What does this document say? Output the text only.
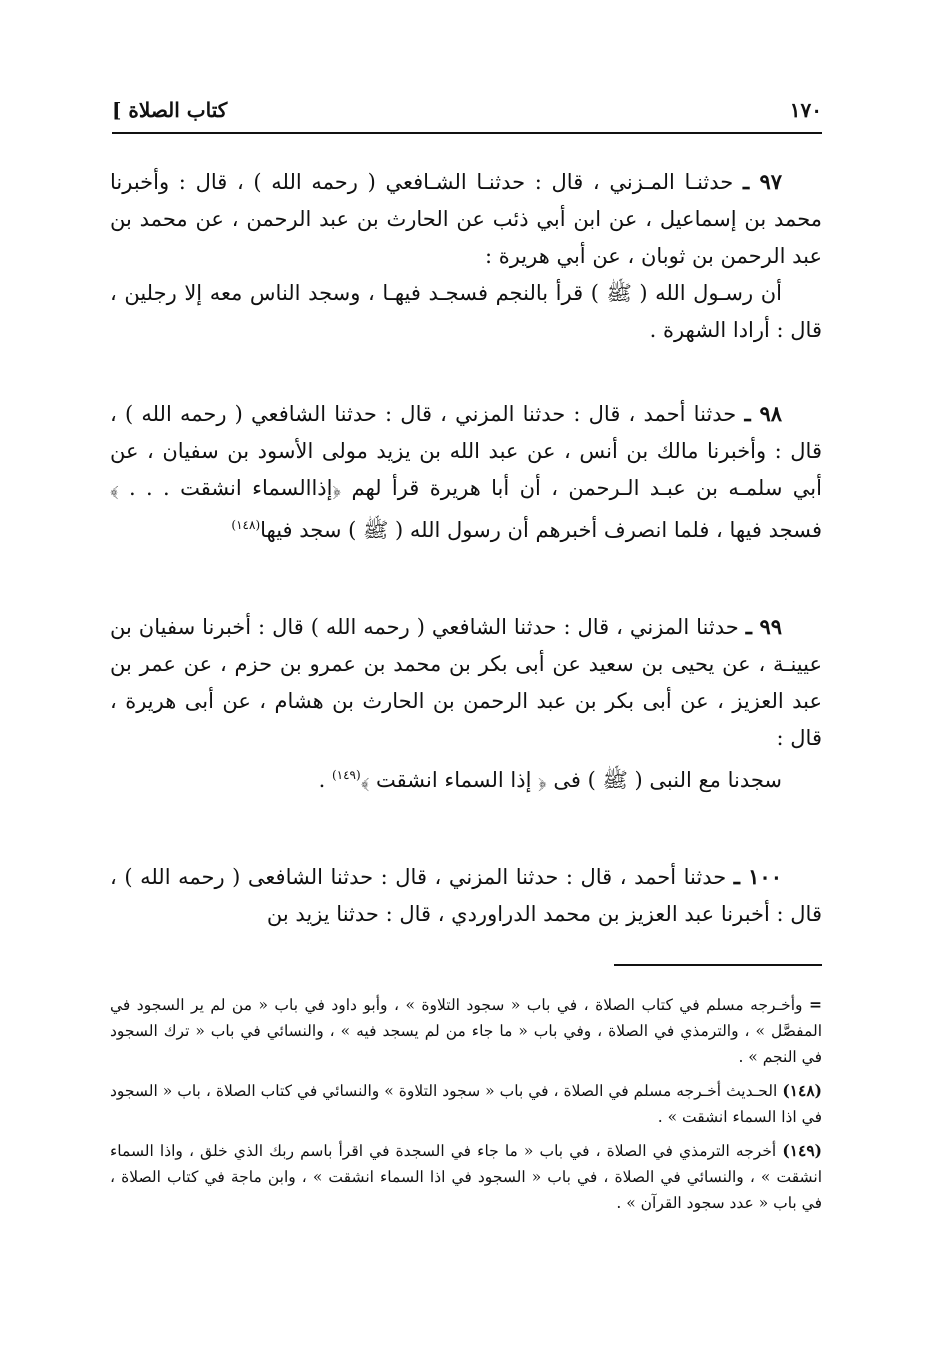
١٧٠
كتاب الصلاة ]

٩٧ ـ حدثنـا المـزني ، قال : حدثنـا الشـافعي ( رحمه الله ) ، قال : وأخبرنا محمد بن إسماعيل ، عن ابن أبي ذئب عن الحارث بن عبد الرحمن ، عن محمد بن عبد الرحمن بن ثوبان ، عن أبي هريرة :

أن رسـول الله ( ﷺ ) قرأ بالنجم فسجـد فيهـا ، وسجد الناس معه إلا رجلين ، قال : أرادا الشهرة .

٩٨ ـ حدثنا أحمد ، قال : حدثنا المزني ، قال : حدثنا الشافعي ( رحمه الله ) ، قال : وأخبرنا مالك بن أنس ، عن عبد الله بن يزيد مولى الأسود بن سفيان ، عن أبي سلمـه بن عبـد الـرحمن ، أن أبا هريرة قرأ لهم ﴿إذاالسماء انشقت . . . ﴾ فسجد فيها ، فلما انصرف أخبرهم أن رسول الله ( ﷺ ) سجد فيها$^{(١٤٨)}$

٩٩ ـ حدثنا المزني ، قال : حدثنا الشافعي ( رحمه الله ) قال : أخبرنا سفيان بن عيينـة ، عن يحيى بن سعيد عن أبى بكر بن محمد بن عمرو بن حزم ، عن عمر بن عبد العزيز ، عن أبى بكر بن عبد الرحمن بن الحارث بن هشام ، عن أبى هريرة ، قال :

سجدنا مع النبى ( ﷺ ) فى ﴿ إذا السماء انشقت ﴾$^{(١٤٩)}$ .

١٠٠ ـ حدثنا أحمد ، قال : حدثنا المزني ، قال : حدثنا الشافعى ( رحمه الله ) ، قال : أخبرنا عبد العزيز بن محمد الدراوردي ، قال : حدثنا يزيد بن

= وأخـرجه مسلم في كتاب الصلاة ، في باب « سجود التلاوة » ، وأبو داود في باب « من لم ير السجود في المفصَّل » ، والترمذي في الصلاة ، وفي باب « ما جاء من لم يسجد فيه » ، والنسائي في باب « ترك السجود في النجم » .

(١٤٨) الحـديث أخـرجه مسلم في الصلاة ، في باب « سجود التلاوة » والنسائي في كتاب الصلاة ، باب « السجود في اذا السماء انشقت » .

(١٤٩) أخرجه الترمذي في الصلاة ، في باب « ما جاء في السجدة في اقرأ باسم ربك الذي خلق ، واذا السماء انشقت » ، والنسائي في الصلاة ، في باب « السجود في اذا السماء انشقت » ، وابن ماجة في كتاب الصلاة ، في باب « عدد سجود القرآن » .
